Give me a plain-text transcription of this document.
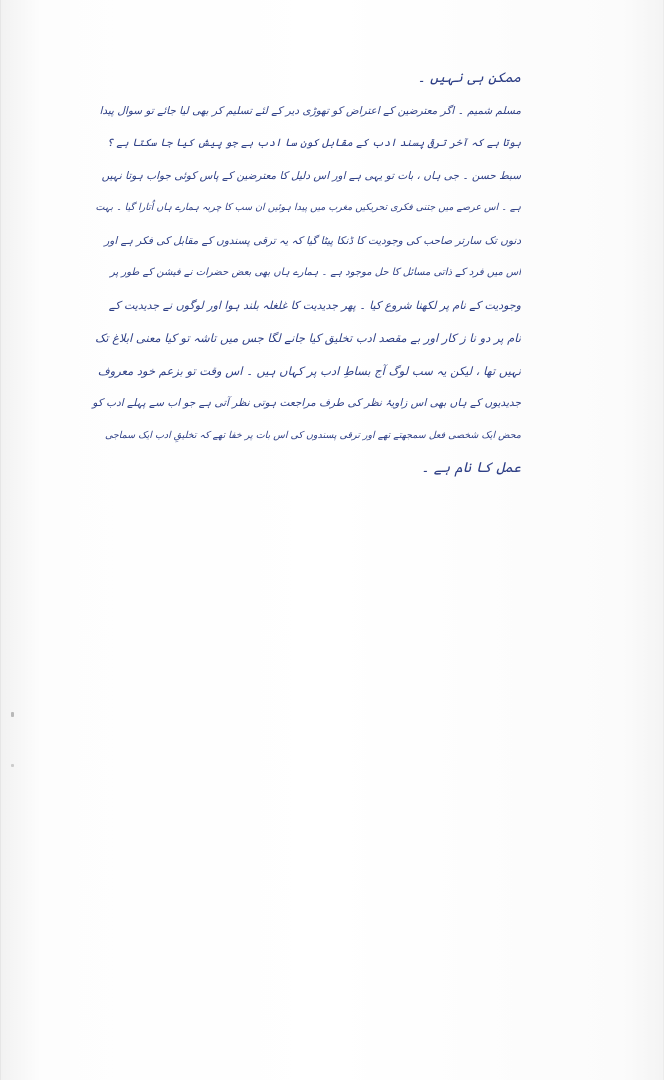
ممکن ہی نہیں ۔
مسلم شمیم ۔ اگر معترضین کے اعتراض کو تھوڑی دیر کے لئے تسلیم کر بھی لیا جائے تو سوال پیدا
ہوتا ہے کہ آخر ترقی پسند ادب کے مقابل کون سا ادب ہے جو پیش کیا جا سکتا ہے ؟
سبط حسن ۔ جی ہاں ، بات تو یہی ہے اور اس دلیل کا معترضین کے پاس کوئی جواب ہوتا نہیں
ہے ۔ اس عرصے میں جتنی فکری تحریکیں مغرب میں پیدا ہوئیں ان سب کا چربہ ہمارے ہاں اُتارا گیا ۔ بہت
دنوں تک سارتر صاحب کی وجودیت کا ڈنکا پیٹا گیا کہ یہ ترقی پسندوں کے مقابل کی فکر ہے اور
اس میں فرد کے ذاتی مسائل کا حل موجود ہے ۔ ہمارے ہاں بھی بعض حضرات نے فیشن کے طور پر
وجودیت کے نام پر لکھنا شروع کیا ۔ پھر جدیدیت کا غلغلہ بلند ہوا اور لوگوں نے جدیدیت کے
نام پر دو نا ز کار اور بے مقصد ادب تخلیق کیا جانے لگا جس میں تاشہ تو کیا معنی ابلاغ تک
نہیں تھا ، لیکن یہ سب لوگ آج بساطِ ادب پر کہاں ہیں ۔ اس وقت تو بزعم خود معروف
جدیدیوں کے ہاں بھی اس زاویۂ نظر کی طرف مراجعت ہوتی نظر آتی ہے جو اب سے پہلے ادب کو
محض ایک شخصی فعل سمجھتے تھے اور ترقی پسندوں کی اس بات پر خفا تھے کہ تخلیقِ ادب ایک سماجی
عمل کا نام ہے ۔
